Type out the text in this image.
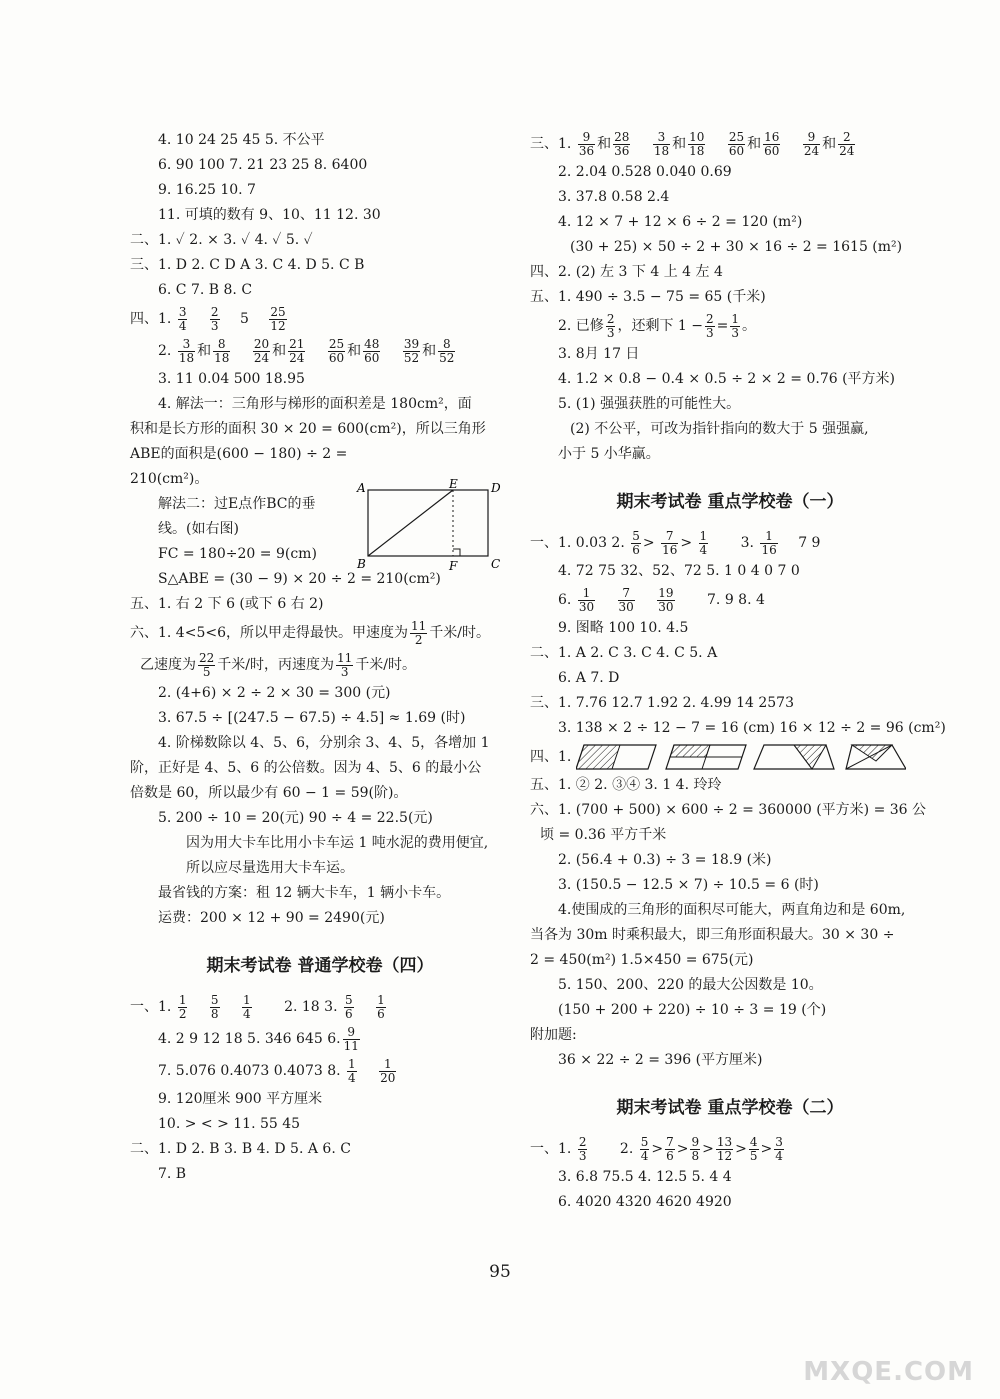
4. 10 24 25 45 5. 不公平
6. 90 100 7. 21 23 25 8. 6400
9. 16.25 10. 7
11. 可填的数有 9、10、11 12. 30
二、1. ✓ 2. × 3. ✓ 4. ✓ 5. ✓
三、1. D 2. C D A 3. C 4. D 5. C B
6. C 7. B 8. C
四、1. $\frac{3}{4}$
$\frac{2}{3} 5 \frac{25}{12}$
2. $\frac{3}{18}$ 和 $\frac{8}{18}$
$\frac{20}{24}$ 和 $\frac{21}{24}$
$\frac{25}{60}$ 和 $\frac{48}{60}$
$\frac{39}{52}$ 和 $\frac{8}{52}$
3. 11 0.04 500 18.95
4. 解法一：三角形与梯形的面积差是 180cm²，面
积和是长方形的面积 30 × 20 = 600(cm²)，所以三角形
ABE的面积是(600 − 180) ÷ 2 =
210(cm²)。
解法二：过E点作BC的垂
线。(如右图)
FC = 180÷20 = 9(cm)
S△ABE = (30 − 9) × 20 ÷ 2 = 210(cm²)
五、1. 右 2 下 6 (或下 6 右 2)
六、1. 4<5<6，所以甲走得最快。甲速度为 $\frac{11}{2}$ 千米/时。
乙速度为 $\frac{22}{5}$ 千米/时，丙速度为 $\frac{11}{3}$ 千米/时。
2. (4+6) × 2 ÷ 2 × 30 = 300 (元)
3. 67.5 ÷ [(247.5 − 67.5) ÷ 4.5] ≈ 1.69 (时)
4. 阶梯数除以 4、5、6，分别余 3、4、5，各增加 1
阶，正好是 4、5、6 的公倍数。因为 4、5、6 的最小公
倍数是 60，所以最少有 60 − 1 = 59(阶)。
5. 200 ÷ 10 = 20(元) 90 ÷ 4 = 22.5(元)
因为用大卡车比用小卡车运 1 吨水泥的费用便宜,
所以应尽量选用大卡车运。
最省钱的方案：租 12 辆大卡车，1 辆小卡车。
运费：200 × 12 + 90 = 2490(元)
期末考试卷 普通学校卷（四）
一、1. $\frac{1}{2}$
$\frac{5}{8}$
$\frac{1}{4} 2$. 18 3. $\frac{5}{6}$
$\frac{1}{6}$
4. 2 9 12 18 5. 346 645 6. $\frac{9}{11}$
7. 5.076 0.4073 0.4073 8. $\frac{1}{4}$
$\frac{1}{20}$
9. 120厘米 900 平方厘米
10. > < > 11. 55 45
二、1. D 2. B 3. B 4. D 5. A 6. C
7. B
A	E	D
B	F	C
三、1. $\frac{9}{36}$ 和 $\frac{28}{36}$
$\frac{3}{18}$ 和 $\frac{10}{18}$
$\frac{25}{60}$ 和 $\frac{16}{60}$
$\frac{9}{24}$ 和 $\frac{2}{24}$
2. 2.04 0.528 0.040 0.69
3. 37.8 0.58 2.4
4. 12 × 7 + 12 × 6 ÷ 2 = 120 (m²)
(30 + 25) × 50 ÷ 2 + 30 × 16 ÷ 2 = 1615 (m²)
四、2. (2) 左 3 下 4 上 4 左 4
五、1. 490 ÷ 3.5 − 75 = 65 (千米)
2. 已修 $\frac{2}{3}$ ，还剩下 $1 - \frac{2}{3} = \frac{1}{3}$ 。
3. 8月 17 日
4. 1.2 × 0.8 − 0.4 × 0.5 ÷ 2 × 2 = 0.76 (平方米)
5. (1) 强强获胜的可能性大。
(2) 不公平，可改为指针指向的数大于 5 强强赢,
小于 5 小华赢。
期末考试卷 重点学校卷（一）
一、1. 0.03 2. $\frac{5}{6} > \frac{7}{16} > \frac{1}{4} 3$. $\frac{1}{16} 7$ 9
4. 72 75 32、52、72 5. 1 0 4 0 7 0
6. $\frac{1}{30}$
$\frac{7}{30}$
$\frac{19}{30} 7$. 9 8. 4
9. 图略 100 10. 4.5
二、1. A 2. C 3. C 4. C 5. A
6. A 7. D
三、1. 7.76 12.7 1.92 2. 4.99 14 2573
3. 138 × 2 ÷ 12 − 7 = 16 (cm) 16 × 12 ÷ 2 = 96 (cm²)
四、1.
五、1. ② 2. ③④ 3. 1 4. 玲玲
六、1. (700 + 500) × 600 ÷ 2 = 360000 (平方米) = 36 公
顷 = 0.36 平方千米
2. (56.4 + 0.3) ÷ 3 = 18.9 (米)
3. (150.5 − 12.5 × 7) ÷ 10.5 = 6 (时)
4.使围成的三角形的面积尽可能大，两直角边和是 60m,
当各为 30m 时乘积最大，即三角形面积最大。30 × 30 ÷
2 = 450(m²) 1.5×450 = 675(元)
5. 150、200、220 的最大公因数是 10。
(150 + 200 + 220) ÷ 10 ÷ 3 = 19 (个)
附加题:
36 × 22 ÷ 2 = 396 (平方厘米)
期末考试卷 重点学校卷（二）
一、1. $\frac{2}{3} 2$. $\frac{5}{4} > \frac{7}{6} > \frac{9}{8} > \frac{13}{12} > \frac{4}{5} > \frac{3}{4}$
3. 6.8 75.5 4. 12.5 5. 4 4
6. 4020 4320 4620 4920
95
MXQE.COM
